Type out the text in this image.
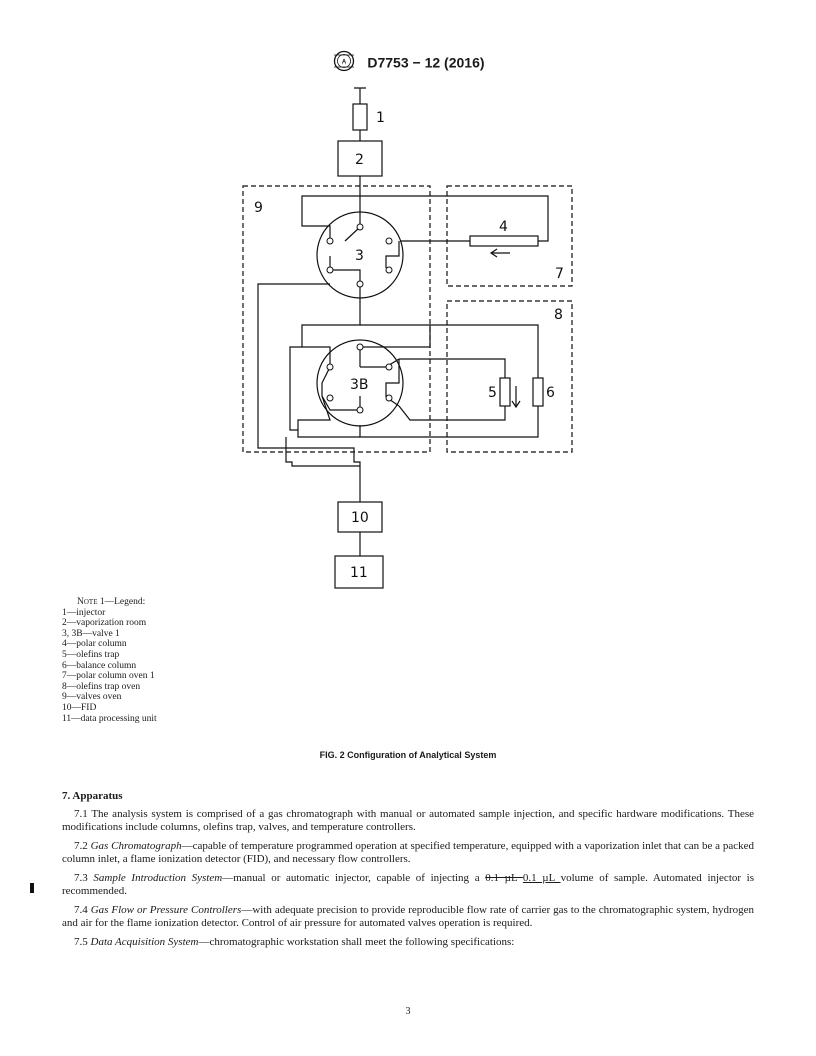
A D7753 − 12 (2016)
1
2
3
4
7
9
8
3B	5	6
10
11
Note 1—Legend:
1—injector
2—vaporization room
3, 3B—valve 1
4—polar column
5—olefins trap
6—balance column
7—polar column oven 1
8—olefins trap oven
9—valves oven
10—FID
11—data processing unit
FIG. 2 Configuration of Analytical System
7. Apparatus

7.1 The analysis system is comprised of a gas chromatograph with manual or automated sample injection, and specific hardware modifications. These modifications include columns, olefins trap, valves, and temperature controllers.

7.2 Gas Chromatograph—capable of temperature programmed operation at specified temperature, equipped with a vaporization inlet that can be a packed column inlet, a flame ionization detector (FID), and necessary flow controllers.

7.3 Sample Introduction System—manual or automatic injector, capable of injecting a 0.1 µL 0.1 µL volume of sample. Automated injector is recommended.

7.4 Gas Flow or Pressure Controllers—with adequate precision to provide reproducible flow rate of carrier gas to the chromatographic system, hydrogen and air for the flame ionization detector. Control of air pressure for automated valves operation is required.

7.5 Data Acquisition System—chromatographic workstation shall meet the following specifications:

3
